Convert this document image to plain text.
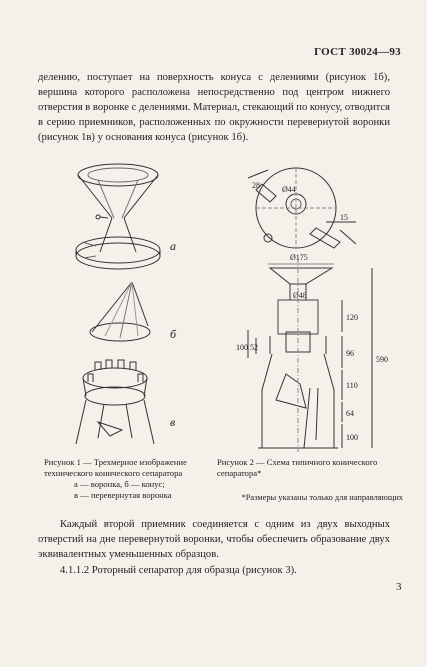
ГОСТ 30024—93
делению, поступает на поверхность конуса с делениями (рисунок 1б), вершина которого расположена непосредственно под центром нижнего отверстия в воронке с делениями. Материал, стекающий по конусу, отводится в серию приемников, расположенных по окружности перевернутой воронки (рисунок 1в) у основания конуса (рисунок 1б).
а
б
в
28	Ø44
15
Ø175
Ø48
120
96
100 52
590
110
64
100
Рисунок 1 — Трехмерное изображение технического конического сепаратора
а — воронка, б — конус;
в — перевернутая воронка
Рисунок 2 — Схема типичного конического сепаратора*
*Размеры указаны только для направляющих
Каждый второй приемник соединяется с одним из двух выходных отверстий на дне перевернутой воронки, чтобы обеспечить образование двух эквивалентных уменьшенных образцов.
4.1.1.2 Роторный сепаратор для образца (рисунок 3).
3
